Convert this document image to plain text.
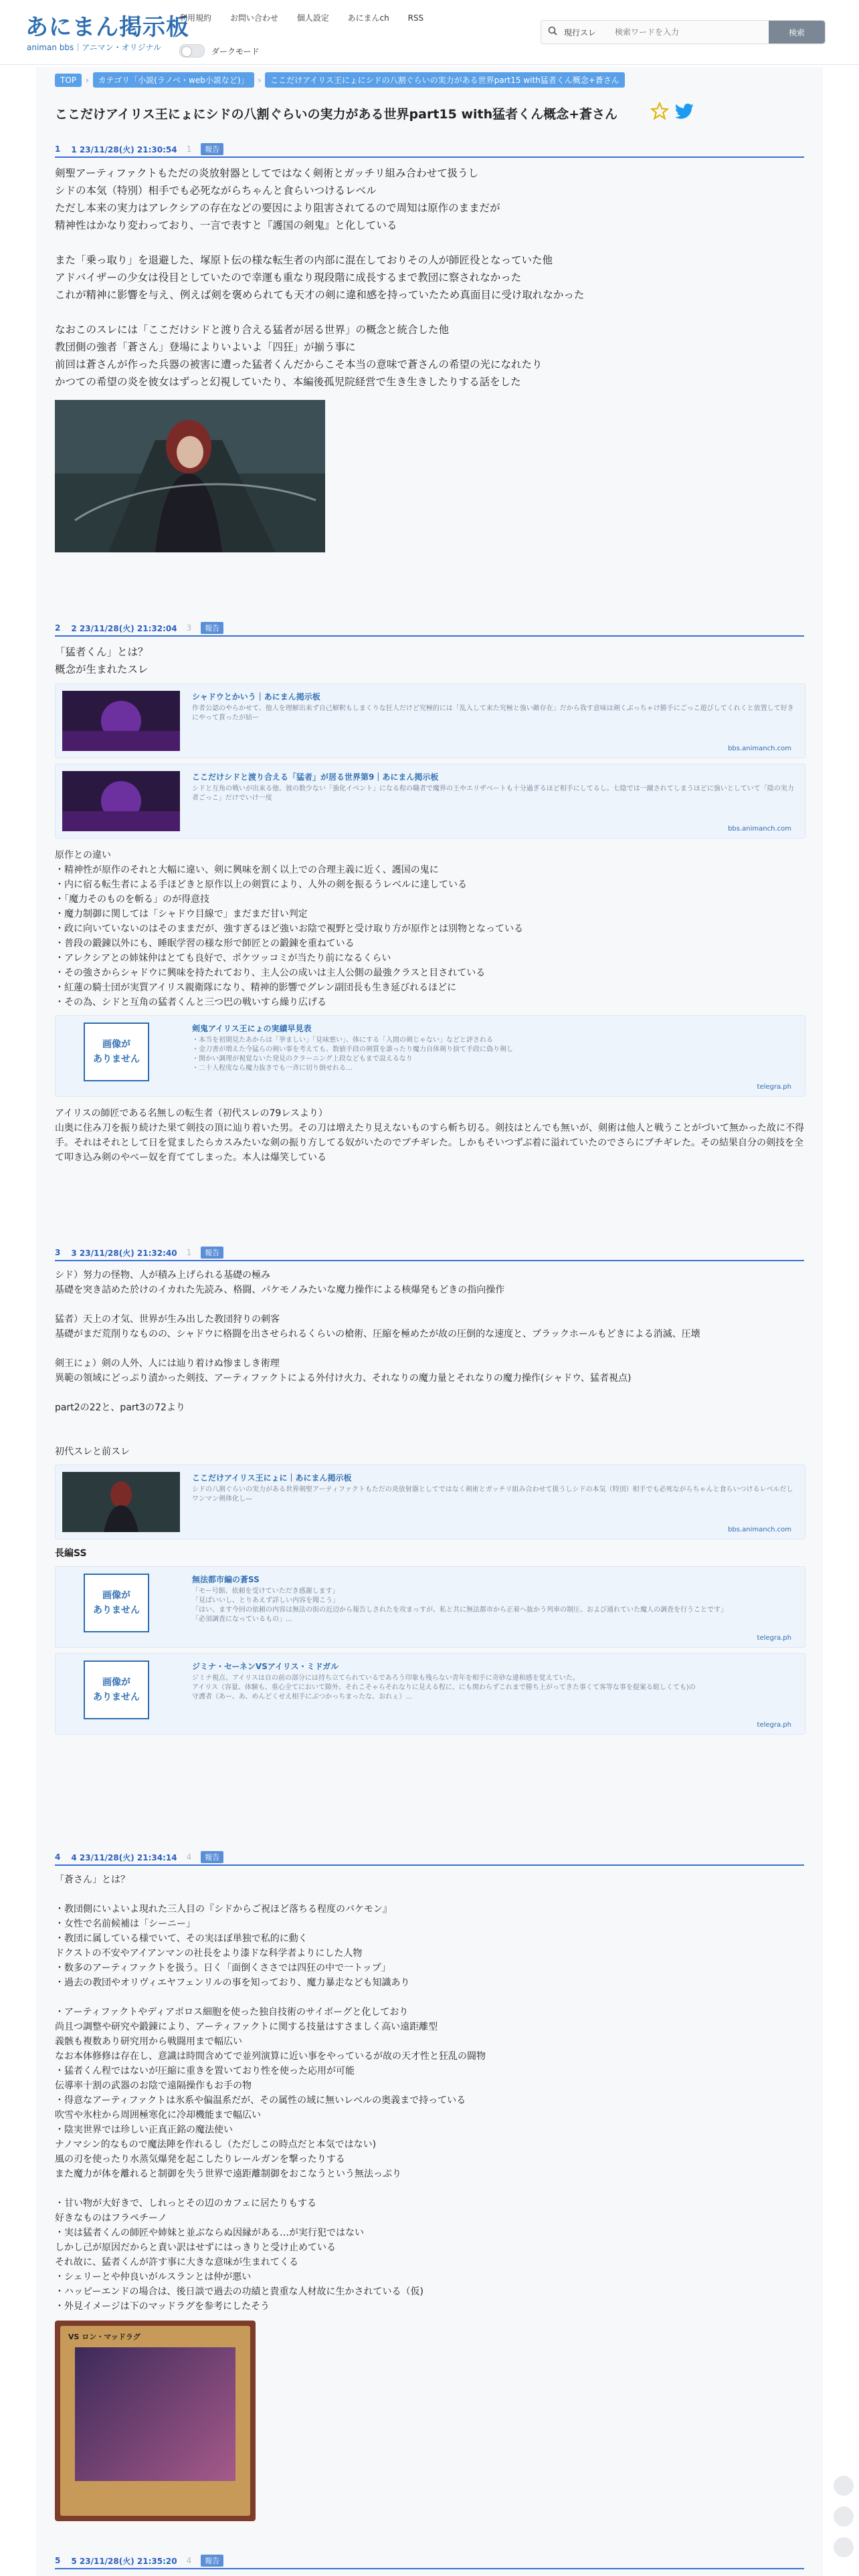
あにまん掲示板
animan bbs｜アニマン・オリジナル
利用規約 お問い合わせ 個人設定 あにまんch RSS
ダークモード
現行スレ
検索ワードを入力	検索
TOP › カテゴリ「小説(ラノベ・web小説など)」 › ここだけアイリス王にょにシドの八割ぐらいの実力がある世界part15 with猛者くん概念+蒼さん
ここだけアイリス王にょにシドの八割ぐらいの実力がある世界part15 with猛者くん概念+蒼さん
1 1 23/11/28(火) 21:30:54 1	報告
剣聖アーティファクトもただの炎放射器としてではなく剣術とガッチリ組み合わせて扱うし
シドの本気（特別）相手でも必死ながらちゃんと食らいつけるレベル
ただし本来の実力はアレクシアの存在などの要因により阻害されてるので周知は原作のままだが
精神性はかなり変わっており、一言で表すと『護国の剣鬼』と化している

また「乗っ取り」を退避した、塚原ト伝の様な転生者の内部に混在しておりその人が師匠役となっていた他
アドバイザーの少女は役目としていたので幸運も重なり現段階に成長するまで教団に察されなかった
これが精神に影響を与え、例えば剣を褒められても天才の剣に違和感を持っていたため真面目に受け取れなかった

なおこのスレには「ここだけシドと渡り合える猛者が居る世界」の概念と統合した他
教団側の強者「蒼さん」登場によりいよいよ「四狂」が揃う事に
前回は蒼さんが作った兵器の被害に遭った猛者くんだからこそ本当の意味で蒼さんの希望の光になれたり
かつての希望の炎を彼女はずっと幻視していたり、本編後孤児院経営で生き生きしたりする話をした
2 2 23/11/28(火) 21:32:04 3	報告
「猛者くん」とは？
概念が生まれたスレ
シャドウとかいう｜あにまん掲示板
作者公認のやらかせて、他人を理解出来ず自己解釈もしまくりな狂人だけど究極的には「乱入して来た究極と強い敵存在」だから我す意味は剣くぶっちゃけ勝手にごっこ遊びしてくれくと放置して好きにやって貰ったが結ー
bbs.animanch.com
ここだけシドと渡り合える「猛者」が居る世界第9｜あにまん掲示板
シドと互角の戦いが出来る他、彼の数少ない「強化イベント」になる程の職者で魔界の王やエリザベートも十分過ぎるほど相手にしてるし。七陰では一蹴されてしまうほどに強いとしていて「陰の実力者ごっこ」だけでいけ一度
bbs.animanch.com
原作との違い
・精神性が原作のそれと大幅に違い、剣に興味を割く以上での合理主義に近く、護国の鬼に
・内に宿る転生者による手ほどきと原作以上の剣質により、人外の剣を振るうレベルに達している
・「魔力そのものを斬る」のが得意技
・魔力制御に関しては「シャドウ目線で」まだまだ甘い判定
・政に向いていないのはそのままだが、強すぎるほど強いお陰で視野と受け取り方が原作とは別物となっている
・普段の鍛錬以外にも、睡眠学習の様な形で師匠との鍛錬を重ねている
・アレクシアとの姉妹仲はとても良好で、ポケツッコミが当たり前になるくらい
・その強さからシャドウに興味を持たれており、主人公の成いは主人公側の最強クラスと目されている
・紅蓮の騎士団が実質アイリス親衛隊になり、精神的影響でグレン副団長も生き延びれるほどに
・その為、シドと互角の猛者くんと三つ巴の戦いすら繰り広げる
画像が
ありません
剣鬼アイリス王にょの実績早見表
・本当を初期見たあからは「挙ましい」「見味悪い」、体にする「入間の剣じゃない」などと評される
・金刀書が増えた今猛らの剣い事を考えても、数値手段の剣質を誰ったり魔力自体剣り捨て手段に偽り剣し
・開かい調理が視覚ないた発見のクラーニング上段などもまで設えるなり
・二十人程度なら魔力抜きでも一斉に切り倒せれる…
telegra.ph
アイリスの師匠である名無しの転生者（初代スレの79レスより）
山奥に住み刀を振り続けた果て剣技の頂に辿り着いた男。その刀は増えたり見えないものすら斬ち切る。剣技はとんでも無いが、剣術は他人と戦うことがづいて無かった故に不得手。それはそれとして日を覚ましたらカスみたいな剣の振り方してる奴がいたのでブチギレた。しかもそいつずぶ着に溢れていたのでさらにブチギレた。その結果自分の剣技を全て叩き込み剣のやべー奴を育ててしまった。本人は爆笑している
3 3 23/11/28(火) 21:32:40 1	報告
シド）努力の怪物、人が積み上げられる基礎の極み
基礎を突き詰めた於けのイカれた先読み、格闘、パケモノみたいな魔力操作による核爆発もどきの指向操作

猛者）天上の才気、世界が生み出した教団狩りの刺客
基礎がまだ荒削りなものの、シャドウに格闘を出させられるくらいの槍術、圧縮を極めたが故の圧倒的な速度と、ブラックホールもどきによる消滅、圧壊

剣王にょ）剣の人外、人には辿り着けぬ惨ましき術理
異範の領域にどっぷり漬かった剣技、アーティファクトによる外付け火力、それなりの魔力量とそれなりの魔力操作(シャドウ、猛者視点)

part2の22と、part3の72より

初代スレと前スレ
ここだけアイリス王にょに｜あにまん掲示板
シドの八割ぐらいの実力がある世界剣聖アーティファクトもただの炎放射器としてではなく剣術とガッチリ組み合わせて扱うしシドの本気（特別）相手でも必死ながらちゃんと食らいつけるレベルだしワンマン剣体化し—
bbs.animanch.com
長編SS
画像が
ありません
無法都市編の蒼SS
「モー号館、依頼を受けていただき感謝します」
「見ぱいいし、とりあえず詳しい内容を聞こう」
「はい、ます今回の依頼の内容は無法の街の近辺から報告しされたを攻まっすが、私と共に無法都市から正着へ抜かう列車の制圧、および通れていた魔人の調査を行うことです」
「必須調査になっているもの」…
telegra.ph
画像が
ありません
ジミナ・セーネンVSアイリス・ミドガル
ジミナ視点、アイリスは自の前の部分には持ち立てられているであろう印象も残らない青年を相手に奇砂な違和感を覚えていた。
アイリス（容量、体験も、重心全てにおいて隙外、それこそゃらそれなりに見える程に、にも関わらずこれまで勝ち上がってきた事くて客等な事を提案る組しくても)の
守護者（あー、あ、めんどくせえ相手にぶつかっちまったな、おれぇ）…
telegra.ph
4 4 23/11/28(火) 21:34:14 4	報告
「蒼さん」とは？

・教団側にいよいよ現れた三人目の『シドからご祝ほど落ちる程度のバケモン』
・女性で名前候補は「シーニー」
・教団に属している様でいて、その実ほぼ単独で私的に動く
ドクストの不安やアイアンマンの社長をより漆ドな科学者よりにした人物
・数多のアーティファクトを扱う。日く「面倒くささでは四狂の中で一トップ」
・過去の教団やオリヴィエヤフェンリルの事を知っており、魔力暴走なども知識あり

・アーティファクトやディアボロス細胞を使った独自技術のサイボーグと化しており
尚且つ調整や研究や鍛錬により、アーティファクトに関する技量はすさましく高い遠距離型
義骸も複数あり研究用から戦闘用まで幅広い
なお本体修修は存在し、意識は時間含めてで並列演算に近い事をやっているが故の天才性と狂乱の闘物
・猛者くん程ではないが圧縮に重きを置いており性を使った応用が可能
伝導率十割の武器のお陰で遠隔操作もお手の物
・得意なアーティファクトは氷系や偏温系だが、その属性の域に無いレベルの奥義まで持っている
吹雪や氷柱から周囲極寒化に冷却機能まで幅広い
・陰実世界では珍しい正真正銘の魔法使い
ナノマシン的なもので魔法陣を作れるし（ただしこの時点だと本気ではない)
風の刃を使ったり水蒸気爆発を起こしたりレールガンを撃ったりする
また魔力が体を離れると制御を失う世界で遠距離制御をおこなうという無法っぷり

・甘い物が大好きで、しれっとその辺のカフェに居たりもする
好きなものはフラペチーノ
・実は猛者くんの師匠や姉妹と並ぶならぬ因縁がある…が実行犯ではない
しかし己が原因だからと責い訳はせずにはっきりと受け止めている
それ故に、猛者くんが許す事に大きな意味が生まれてくる
・シェリーとや仲良いがルスランとは仲が悪い
・ハッピーエンドの場合は、後日談で過去の功績と貴重な人材故に生かされている（仮)
・外見イメージは下のマッドラグを参考にしたそう
VS ロン・マッドラグ
5 5 23/11/28(火) 21:35:20 4	報告
